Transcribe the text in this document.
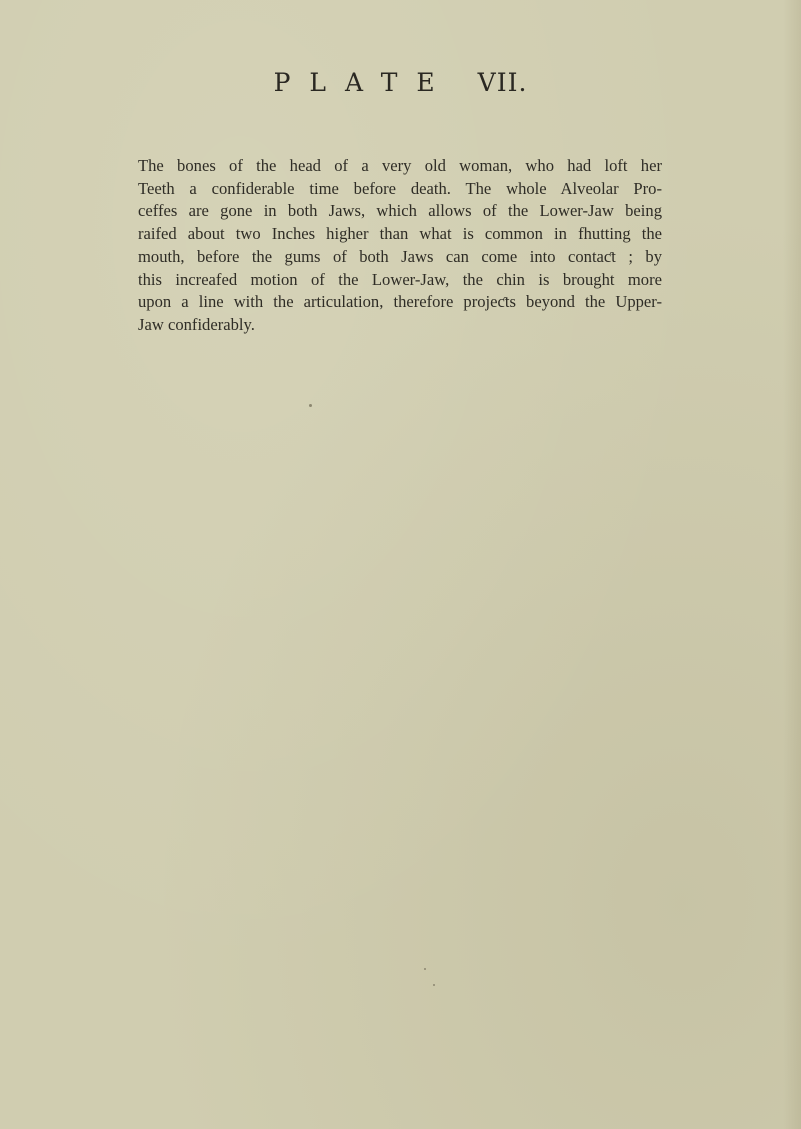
PLATE VII.
The bones of the head of a very old woman, who had loft her
Teeth a confiderable time before death. The whole Alveolar Pro-
ceffes are gone in both Jaws, which allows of the Lower-Jaw being
raifed about two Inches higher than what is common in fhutting the
mouth, before the gums of both Jaws can come into contaƈt ; by
this increafed motion of the Lower-Jaw, the chin is brought more
upon a line with the articulation, therefore projeƈts beyond the Upper-
Jaw confiderably.
